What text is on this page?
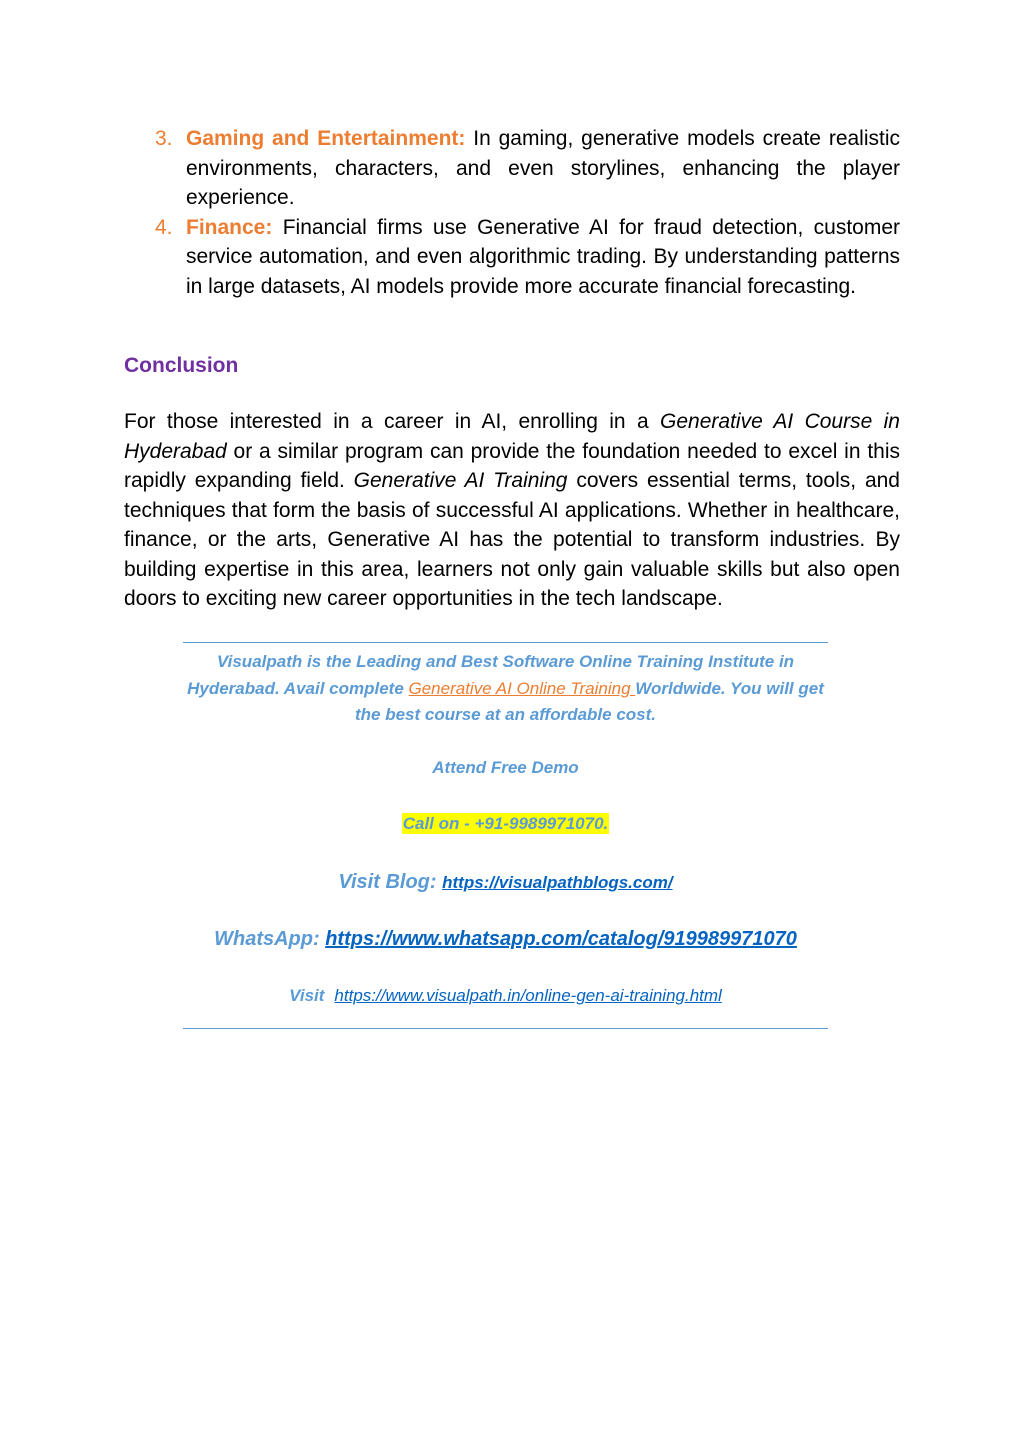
3. Gaming and Entertainment: In gaming, generative models create realistic environments, characters, and even storylines, enhancing the player experience.
4. Finance: Financial firms use Generative AI for fraud detection, customer service automation, and even algorithmic trading. By understanding patterns in large datasets, AI models provide more accurate financial forecasting.
Conclusion
For those interested in a career in AI, enrolling in a Generative AI Course in Hyderabad or a similar program can provide the foundation needed to excel in this rapidly expanding field. Generative AI Training covers essential terms, tools, and techniques that form the basis of successful AI applications. Whether in healthcare, finance, or the arts, Generative AI has the potential to transform industries. By building expertise in this area, learners not only gain valuable skills but also open doors to exciting new career opportunities in the tech landscape.
Visualpath is the Leading and Best Software Online Training Institute in Hyderabad. Avail complete Generative AI Online Training Worldwide. You will get the best course at an affordable cost.
Attend Free Demo
Call on - +91-9989971070.
Visit Blog: https://visualpathblogs.com/
WhatsApp: https://www.whatsapp.com/catalog/919989971070
Visit https://www.visualpath.in/online-gen-ai-training.html
